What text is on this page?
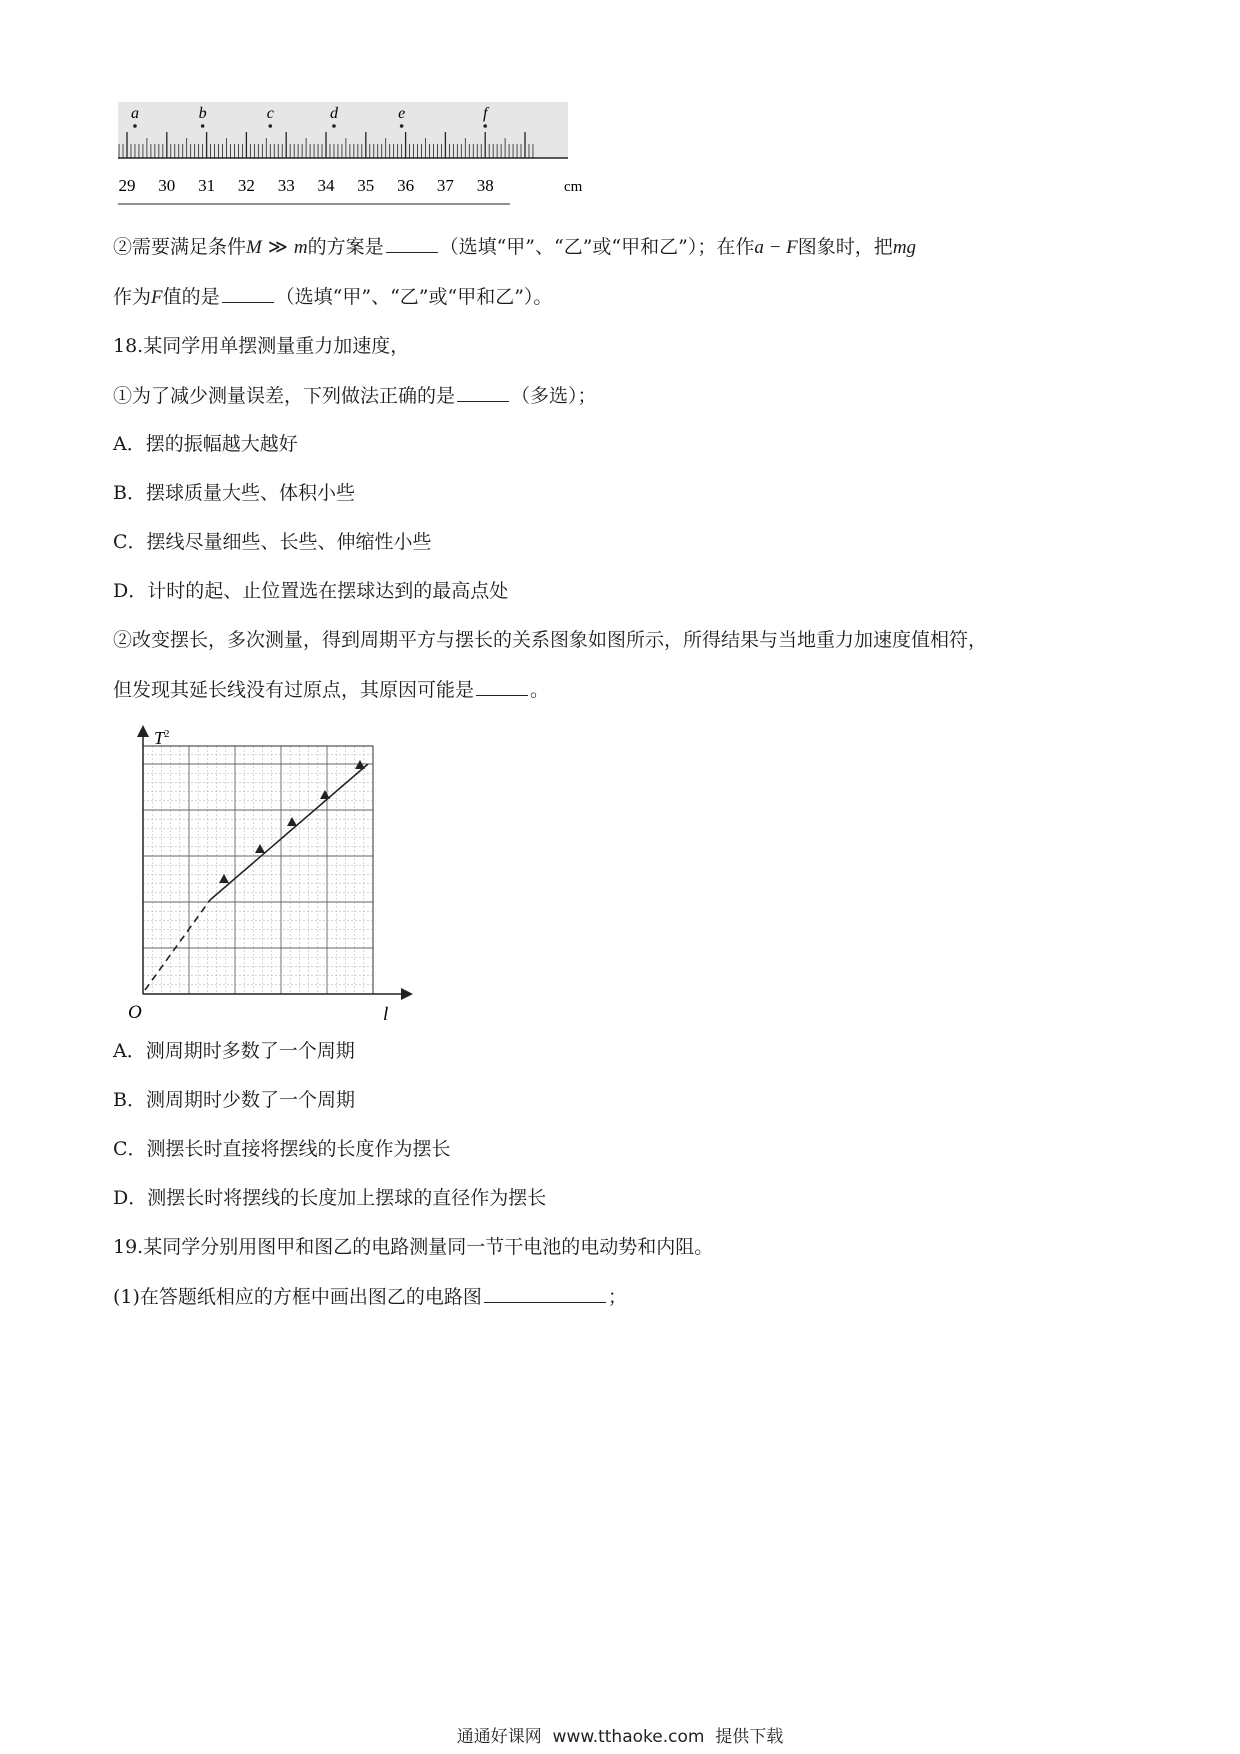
a	b	c	d	e	f
29 30 31 32 33 34 35 36 37 38	cm
②需要满足条件M ≫ m的方案是	（选填“甲”、“乙”或“甲和乙”）；在作a − F图象时，把mg
作为F值的是	（选填“甲”、“乙”或“甲和乙”）。
18.某同学用单摆测量重力加速度，
①为了减少测量误差，下列做法正确的是	（多选）；
A．摆的振幅越大越好
B．摆球质量大些、体积小些
C．摆线尽量细些、长些、伸缩性小些
D．计时的起、止位置选在摆球达到的最高点处
②改变摆长，多次测量，得到周期平方与摆长的关系图象如图所示，所得结果与当地重力加速度值相符，
但发现其延长线没有过原点，其原因可能是	。
$T^2$
O	l
A．测周期时多数了一个周期
B．测周期时少数了一个周期
C．测摆长时直接将摆线的长度作为摆长
D．测摆长时将摆线的长度加上摆球的直径作为摆长
19.某同学分别用图甲和图乙的电路测量同一节干电池的电动势和内阻。
(1)在答题纸相应的方框中画出图乙的电路图	；
通通好课网 www.tthaoke.com 提供下载
